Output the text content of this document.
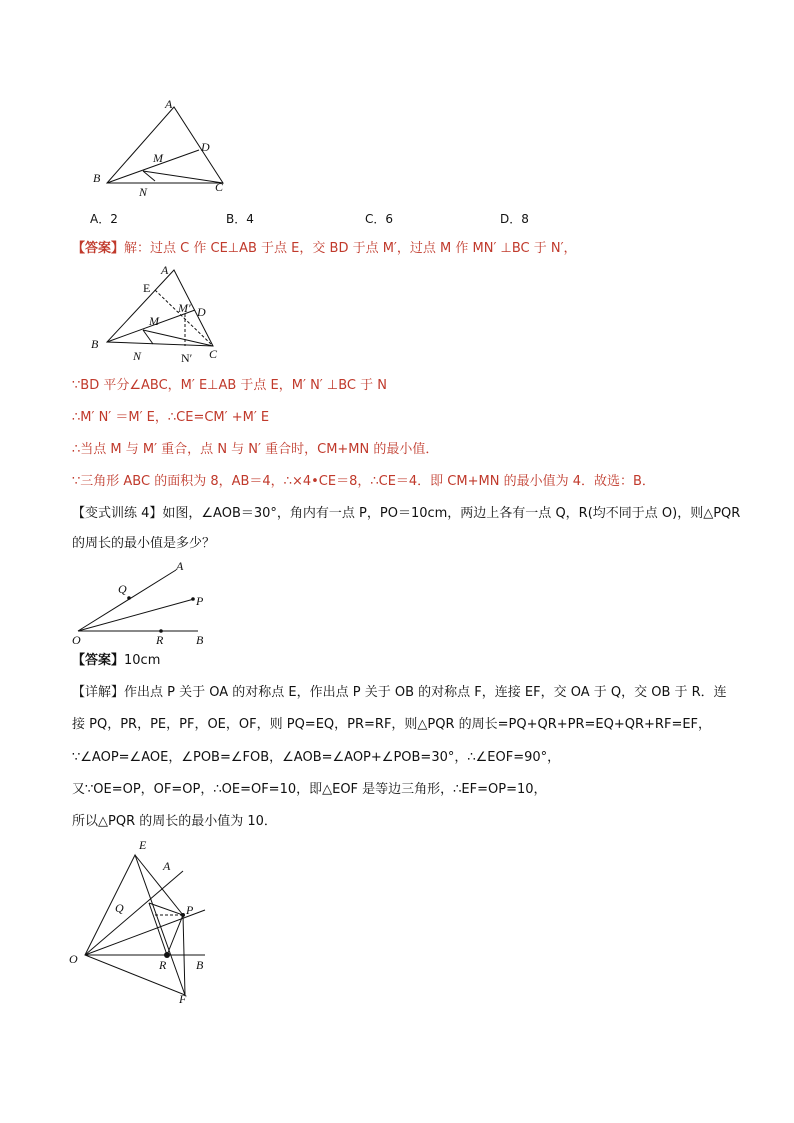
A
B
C
D
M
N
A．2	B．4	C．6	D．8
【答案】解：过点 C 作 CE⊥AB 于点 E，交 BD 于点 M′，过点 M 作 MN′ ⊥BC 于 N′，
A
E
M′ D
M
B
N	N′ C
∵BD 平分∠ABC，M′ E⊥AB 于点 E，M′ N′ ⊥BC 于 N
∴M′ N′ ＝M′ E，∴CE=CM′ +M′ E
∴当点 M 与 M′ 重合，点 N 与 N′ 重合时，CM+MN 的最小值．
∵三角形 ABC 的面积为 8，AB＝4，∴×4•CE＝8，∴CE＝4．即 CM+MN 的最小值为 4．故选：B．
【变式训练 4】如图，∠AOB＝30°，角内有一点 P，PO＝10cm，两边上各有一点 Q，R(均不同于点 O)，则△PQR
的周长的最小值是多少？
A
Q
P
O	R	B
【答案】10cm
【详解】作出点 P 关于 OA 的对称点 E，作出点 P 关于 OB 的对称点 F，连接 EF，交 OA 于 Q，交 OB 于 R．连
接 PQ，PR，PE，PF，OE，OF，则 PQ=EQ，PR=RF，则△PQR 的周长=PQ+QR+PR=EQ+QR+RF=EF，
∵∠AOP=∠AOE，∠POB=∠FOB，∠AOB=∠AOP+∠POB=30°，∴∠EOF=90°，
又∵OE=OP，OF=OP，∴OE=OF=10，即△EOF 是等边三角形，∴EF=OP=10，
所以△PQR 的周长的最小值为 10．
E
A
Q	P
O	R B
F
